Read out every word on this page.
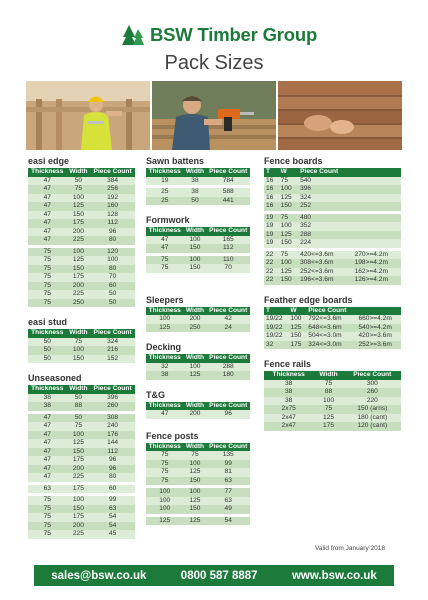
BSW Timber Group
Pack Sizes
easi edge
Thickness	Width	Piece Count
47	50	384
47	75	256
47	100	192
47	125	160
47	150	128
47	175	112
47	200	96
47	225	80

75	100	120
75	125	100
75	150	80
75	175	70
75	200	60
75	225	50
75	250	50
easi stud
Thickness	Width	Piece Count
50	75	324
50	100	216
50	150	152
Unseasoned
Thickness	Width	Piece Count
38	50	396
38	88	260

47	50	308
47	75	240
47	100	176
47	125	144
47	150	112
47	175	96
47	200	96
47	225	80

63	175	60

75	100	99
75	150	63
75	175	54
75	200	54
75	225	45
Sawn battens
Thickness	Width	Piece Count
19	38	784

25	38	588
25	50	441
Formwork
Thickness	Width	Piece Count
47	100	165
47	150	112

75	100	110
75	150	70
Sleepers
Thickness	Width	Piece Count
100	200	42
125	250	24
Decking
Thickness	Width	Piece Count
32	100	288
38	125	180
T&G
Thickness	Width	Piece Count
47	200	96
Fence posts
Thickness	Width	Piece Count
75	75	135
75	100	99
75	125	81
75	150	63

100	100	77
100	125	63
100	150	49

125	125	54
Fence boards
T	W	Piece Count	
16	75	540	
16	100	396	
16	125	324	
16	150	252	

19	75	480	
19	100	352	
19	125	288	
19	150	224	

22	75	420<=3.6m	270>=4.2m
22	100	308<=3.6m	198>=4.2m
22	125	252<=3.6m	162>=4.2m
22	150	196<=3.6m	126>=4.2m
Feather edge boards
T	W	Piece Count	
19/22	100	792<=3.6m	660>=4.2m
19/22	125	648<=3.6m	540>=4.2m
19/22	150	504<=3.0m	420>=3.6m
32	175	324<=3.0m	252>=3.6m
Fence rails
Thickness	Width	Piece Count
38	75	300
38	88	260
38	100	220
2x75	75	150 (arris)
2x47	125	180 (cant)
2x47	175	120 (cant)
Valid from January 2018
sales@bsw.co.uk	0800 587 8887	www.bsw.co.uk
